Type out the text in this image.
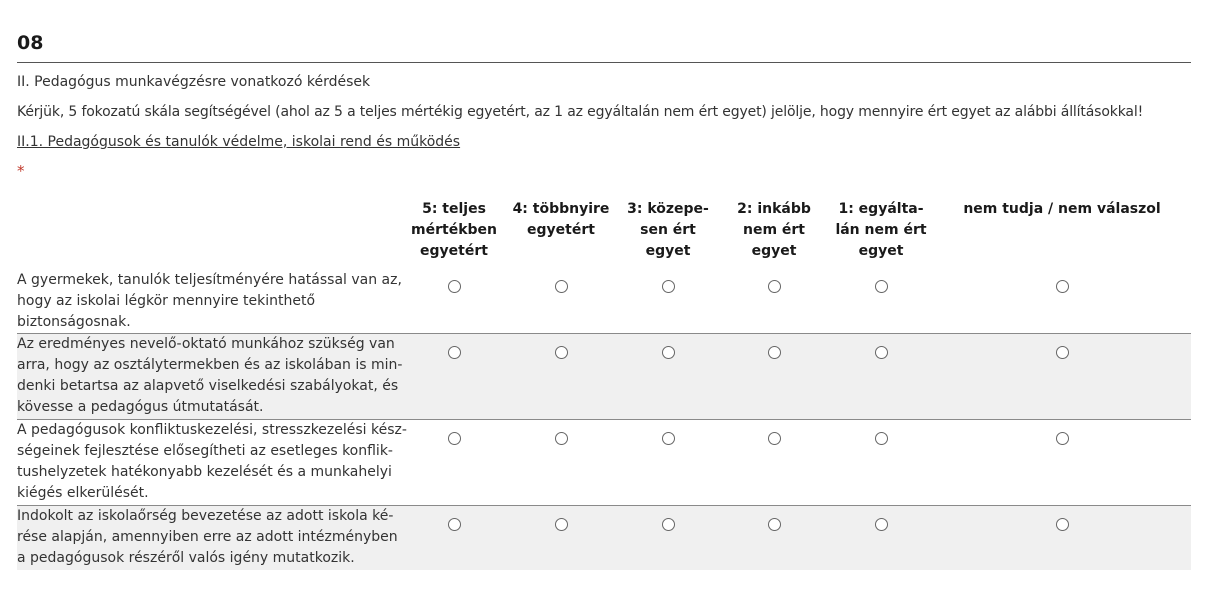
08
II. Pedagógus munkavégzésre vonatkozó kérdések
Kérjük, 5 fokozatú skála segítségével (ahol az 5 a teljes mértékig egyetért, az 1 az egyáltalán nem ért egyet) jelölje, hogy mennyire ért egyet az alábbi állításokkal!
II.1. Pedagógusok és tanulók védelme, iskolai rend és működés
*
5: teljes
mértékben
egyetért
4: többnyire
egyetért
3: közepe-
sen ért
egyet
2: inkább
nem ért
egyet
1: egyálta-
lán nem ért
egyet
nem tudja / nem válaszol
A gyermekek, tanulók teljesítményére hatással van az,
hogy az iskolai légkör mennyire tekinthető
biztonságosnak.
Az eredményes nevelő-oktató munkához szükség van
arra, hogy az osztálytermekben és az iskolában is min-
denki betartsa az alapvető viselkedési szabályokat, és
kövesse a pedagógus útmutatását.
A pedagógusok konfliktuskezelési, stresszkezelési kész-
ségeinek fejlesztése elősegítheti az esetleges konflik-
tushelyzetek hatékonyabb kezelését és a munkahelyi
kiégés elkerülését.
Indokolt az iskolaőrség bevezetése az adott iskola ké-
rése alapján, amennyiben erre az adott intézményben
a pedagógusok részéről valós igény mutatkozik.
